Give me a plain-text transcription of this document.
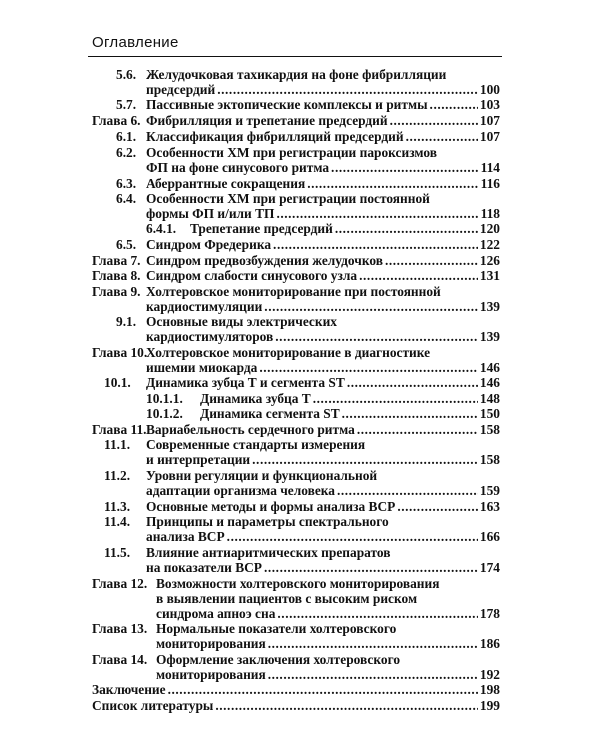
Оглавление
5.6. Желудочковая тахикардия на фоне фибрилляции
предсердий . . .	100
5.7. Пассивные эктопические комплексы и ритмы . . .	103
Глава 6. Фибрилляция и трепетание предсердий . . .	107
6.1. Классификация фибрилляций предсердий . . .	107
6.2. Особенности ХМ при регистрации пароксизмов
ФП на фоне синусового ритма . . .	114
6.3. Аберрантные сокращения . . .	116
6.4. Особенности ХМ при регистрации постоянной
формы ФП и/или ТП . . .	118
6.4.1. Трепетание предсердий . . .	120
6.5. Синдром Фредерика . . .	122
Глава 7. Синдром предвозбуждения желудочков . . .	126
Глава 8. Синдром слабости синусового узла . . .	131
Глава 9. Холтеровское мониторирование при постоянной
кардиостимуляции . . .	139
9.1. Основные виды электрических
кардиостимуляторов . . .	139
Глава 10.
Холтеровское мониторирование в диагностике
ишемии миокарда . . .	146
10.1. Динамика зубца T и сегмента ST . . .	146
10.1.1. Динамика зубца T . . .	148
10.1.2. Динамика сегмента ST . . .	150
Глава 11. Вариабельность сердечного ритма . . .	158
11.1. Современные стандарты измерения
и интерпретации . . .	158
11.2. Уровни регуляции и функциональной
адаптации организма человека . . .	159
11.3. Основные методы и формы анализа ВСР . . .	163
11.4. Принципы и параметры спектрального
анализа ВСР . . .	166
11.5. Влияние антиаритмических препаратов
на показатели ВСР . . .	174
Глава 12. Возможности холтеровского мониторирования
в выявлении пациентов с высоким риском
синдрома апноэ сна . . .	178
Глава 13. Нормальные показатели холтеровского
мониторирования . . .	186
Глава 14. Оформление заключения холтеровского
мониторирования . . .	192
Заключение . . .	198
Список литературы . . .	199
